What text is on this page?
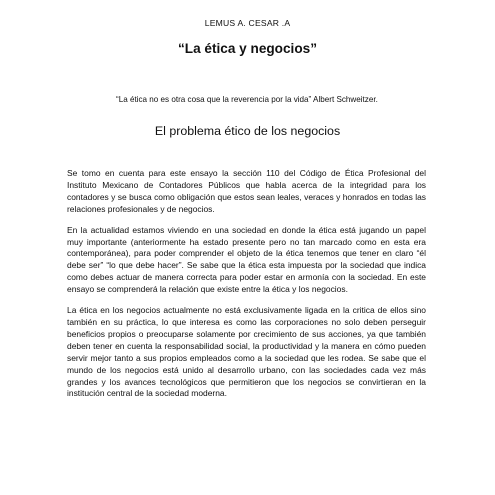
LEMUS A. CESAR .A
“La ética y negocios”
“La ética no es otra cosa que la reverencia por la vida” Albert Schweitzer.
El problema ético de los negocios

Se tomo en cuenta para este ensayo la sección 110 del Código de Ética Profesional del Instituto Mexicano de Contadores Públicos que habla acerca de la integridad para los contadores y se busca como obligación que estos sean leales, veraces y honrados en todas las relaciones profesionales y de negocios.

En la actualidad estamos viviendo en una sociedad en donde la ética está jugando un papel muy importante (anteriormente ha estado presente pero no tan marcado como en esta era contemporánea), para poder comprender el objeto de la ética tenemos que tener en claro “él debe ser” “lo que debe hacer”. Se sabe que la ética esta impuesta por la sociedad que indica como debes actuar de manera correcta para poder estar en armonía con la sociedad. En este ensayo se comprenderá la relación que existe entre la ética y los negocios.

La ética en los negocios actualmente no está exclusivamente ligada en la critica de ellos sino también en su práctica, lo que interesa es como las corporaciones no solo deben perseguir beneficios propios o preocuparse solamente por crecimiento de sus acciones, ya que también deben tener en cuenta la responsabilidad social, la productividad y la manera en cómo pueden servir mejor tanto a sus propios empleados como a la sociedad que les rodea. Se sabe que el mundo de los negocios está unido al desarrollo urbano, con las sociedades cada vez más grandes y los avances tecnológicos que permitieron que los negocios se convirtieran en la institución central de la sociedad moderna.
